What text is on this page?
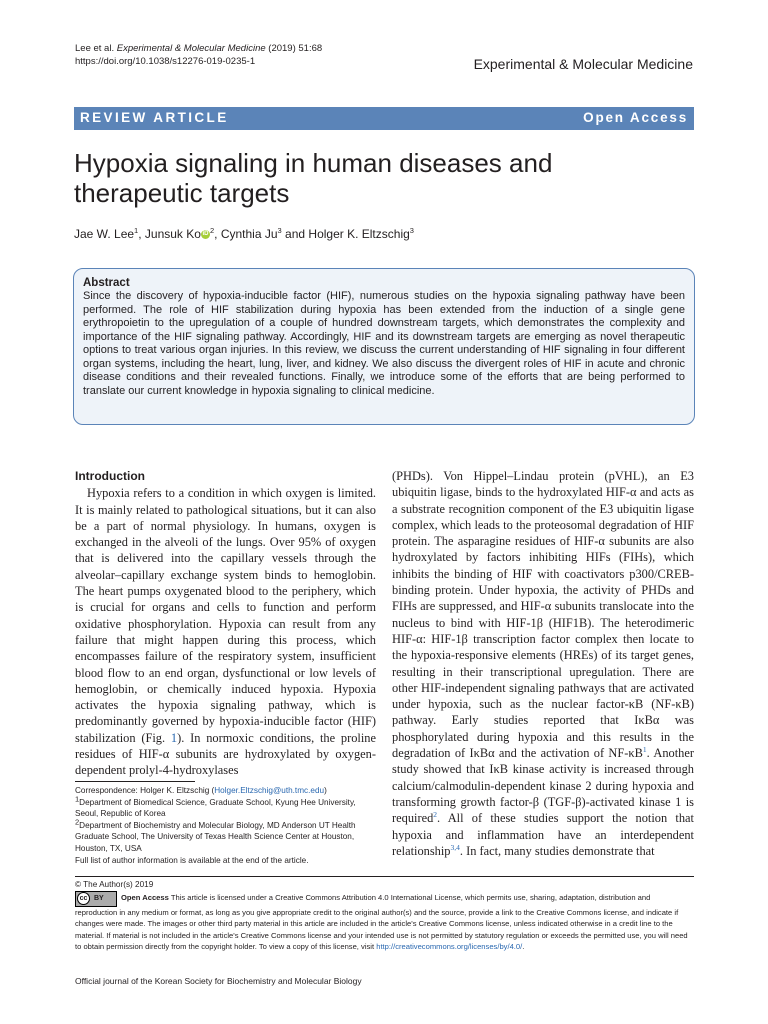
Lee et al. Experimental & Molecular Medicine (2019) 51:68
https://doi.org/10.1038/s12276-019-0235-1	Experimental & Molecular Medicine
REVIEW ARTICLE	Open Access
Hypoxia signaling in human diseases and therapeutic targets
Jae W. Lee$^1$, Junsuk Ko iD $^2$, Cynthia Ju$^3$ and Holger K. Eltzschig$^3$
Abstract
Since the discovery of hypoxia-inducible factor (HIF), numerous studies on the hypoxia signaling pathway have been performed. The role of HIF stabilization during hypoxia has been extended from the induction of a single gene erythropoietin to the upregulation of a couple of hundred downstream targets, which demonstrates the complexity and importance of the HIF signaling pathway. Accordingly, HIF and its downstream targets are emerging as novel therapeutic options to treat various organ injuries. In this review, we discuss the current understanding of HIF signaling in four different organ systems, including the heart, lung, liver, and kidney. We also discuss the divergent roles of HIF in acute and chronic disease conditions and their revealed functions. Finally, we introduce some of the efforts that are being performed to translate our current knowledge in hypoxia signaling to clinical medicine.
Introduction

Hypoxia refers to a condition in which oxygen is limited. It is mainly related to pathological situations, but it can also be a part of normal physiology. In humans, oxygen is exchanged in the alveoli of the lungs. Over 95% of oxygen that is delivered into the capillary vessels through the alveolar–capillary exchange system binds to hemoglobin. The heart pumps oxygenated blood to the periphery, which is crucial for organs and cells to function and perform oxidative phosphorylation. Hypoxia can result from any failure that might happen during this process, which encompasses failure of the respiratory system, insufficient blood flow to an end organ, dysfunctional or low levels of hemoglobin, or chemically induced hypoxia. Hypoxia activates the hypoxia signaling pathway, which is predominantly governed by hypoxia-inducible factor (HIF) stabilization (Fig. 1). In normoxic conditions, the proline residues of HIF-α subunits are hydroxylated by oxygen-dependent prolyl-4-hydroxylases

(PHDs). Von Hippel–Lindau protein (pVHL), an E3 ubiquitin ligase, binds to the hydroxylated HIF-α and acts as a substrate recognition component of the E3 ubiquitin ligase complex, which leads to the proteosomal degradation of HIF protein. The asparagine residues of HIF-α subunits are also hydroxylated by factors inhibiting HIFs (FIHs), which inhibits the binding of HIF with coactivators p300/CREB-binding protein. Under hypoxia, the activity of PHDs and FIHs are suppressed, and HIF-α subunits translocate into the nucleus to bind with HIF-1β (HIF1B). The heterodimeric HIF-α: HIF-1β transcription factor complex then locate to the hypoxia-responsive elements (HREs) of its target genes, resulting in their transcriptional upregulation. There are other HIF-independent signaling pathways that are activated under hypoxia, such as the nuclear factor-κB (NF-κB) pathway. Early studies reported that IκBα was phosphorylated during hypoxia and this results in the degradation of IκBα and the activation of $NF-\kappa B^1$. Another study showed that IκB kinase activity is increased through calcium/calmodulin-dependent kinase 2 during hypoxia and transforming growth factor-β (TGF-β)-activated kinase 1 is required$^2$. All of these studies support the notion that hypoxia and inflammation have an interdependent relationship$^{3,4}$. In fact, many studies demonstrate that

Correspondence: Holger K. Eltzschig (Holger.Eltzschig@uth.tmc.edu)
$^1$Department of Biomedical Science, Graduate School, Kyung Hee University, Seoul, Republic of Korea
$^2$Department of Biochemistry and Molecular Biology, MD Anderson UT Health Graduate School, The University of Texas Health Science Center at Houston, Houston, TX, USA
Full list of author information is available at the end of the article.
© The Author(s) 2019
cc BY Open Access This article is licensed under a Creative Commons Attribution 4.0 International License, which permits use, sharing, adaptation, distribution and reproduction in any medium or format, as long as you give appropriate credit to the original author(s) and the source, provide a link to the Creative Commons license, and indicate if changes were made. The images or other third party material in this article are included in the article's Creative Commons license, unless indicated otherwise in a credit line to the material. If material is not included in the article's Creative Commons license and your intended use is not permitted by statutory regulation or exceeds the permitted use, you will need to obtain permission directly from the copyright holder. To view a copy of this license, visit http://creativecommons.org/licenses/by/4.0/.
Official journal of the Korean Society for Biochemistry and Molecular Biology
